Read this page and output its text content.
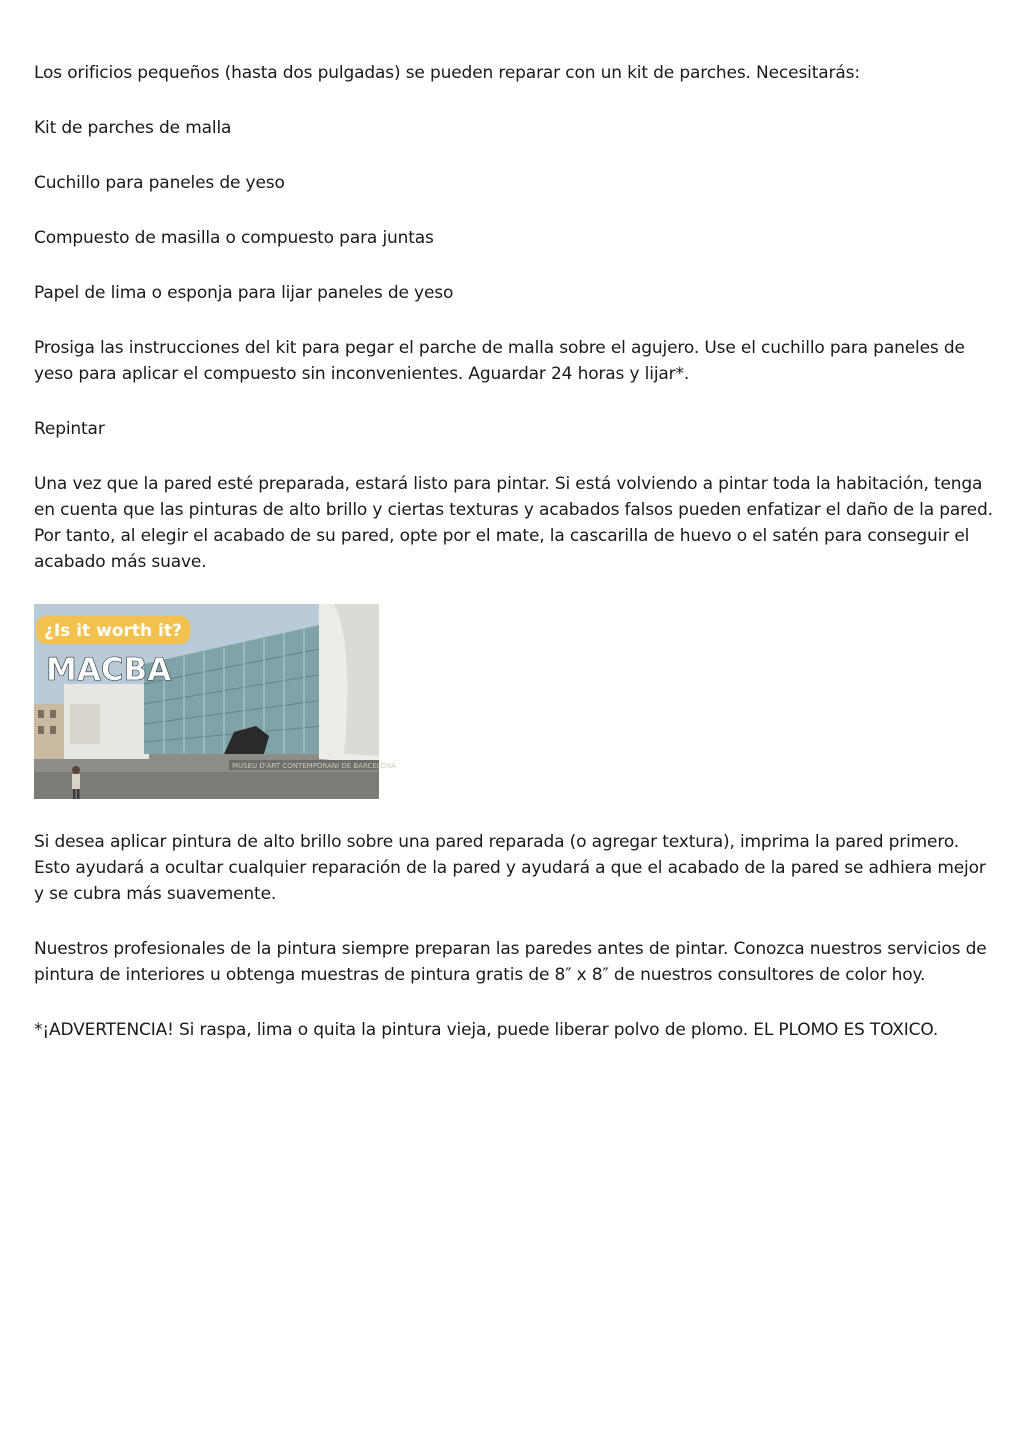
Los orificios pequeños (hasta dos pulgadas) se pueden reparar con un kit de parches. Necesitarás:

Kit de parches de malla

Cuchillo para paneles de yeso

Compuesto de masilla o compuesto para juntas

Papel de lima o esponja para lijar paneles de yeso

Prosiga las instrucciones del kit para pegar el parche de malla sobre el agujero. Use el cuchillo para paneles de yeso para aplicar el compuesto sin inconvenientes. Aguardar 24 horas y lijar*.

Repintar

Una vez que la pared esté preparada, estará listo para pintar. Si está volviendo a pintar toda la habitación, tenga en cuenta que las pinturas de alto brillo y ciertas texturas y acabados falsos pueden enfatizar el daño de la pared. Por tanto, al elegir el acabado de su pared, opte por el mate, la cascarilla de huevo o el satén para conseguir el acabado más suave.

MUSEU D'ART CONTEMPORANI DE BARCELONA
¿Is it worth it?
MACBA

Si desea aplicar pintura de alto brillo sobre una pared reparada (o agregar textura), imprima la pared primero. Esto ayudará a ocultar cualquier reparación de la pared y ayudará a que el acabado de la pared se adhiera mejor y se cubra más suavemente.

Nuestros profesionales de la pintura siempre preparan las paredes antes de pintar. Conozca nuestros servicios de pintura de interiores u obtenga muestras de pintura gratis de 8″ x 8″ de nuestros consultores de color hoy.

*¡ADVERTENCIA! Si raspa, lima o quita la pintura vieja, puede liberar polvo de plomo. EL PLOMO ES TOXICO.
